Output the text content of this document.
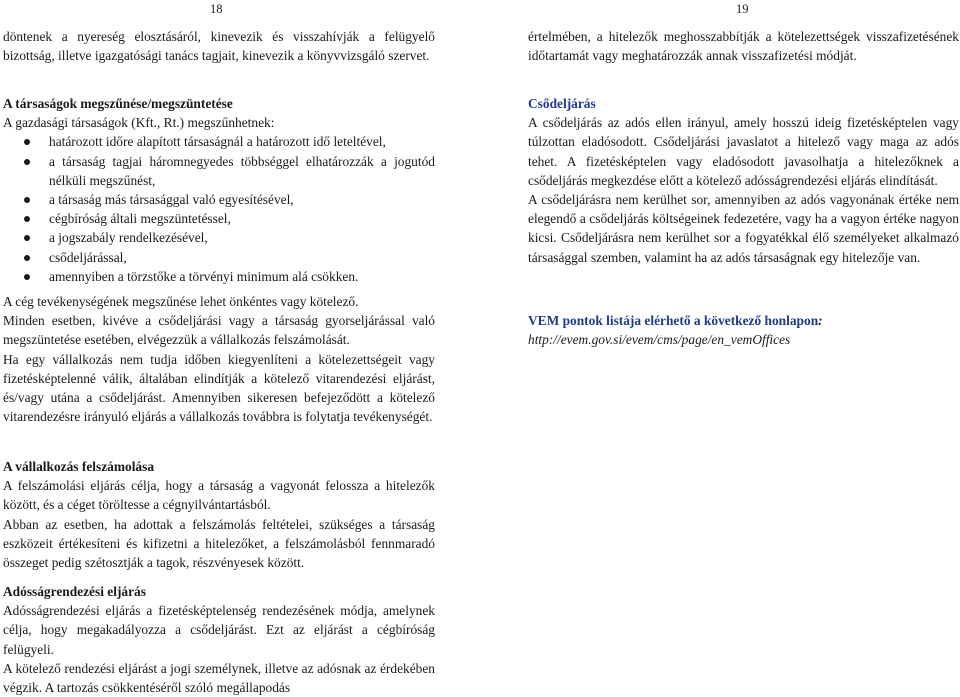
18	19

döntenek a nyereség elosztásáról, kinevezik és visszahívják a felügyelő bizottság, illetve igazgatósági tanács tagjait, kinevezik a könyvvizsgáló szervet.

A társaságok megszűnése/megszüntetése

A gazdasági társaságok (Kft., Rt.) megszűnhetnek:

határozott időre alapított társaságnál a határozott idő leteltével,
a társaság tagjai háromnegyedes többséggel elhatározzák a jogutód nélküli megszűnést,
a társaság más társasággal való egyesítésével,
cégbíróság általi megszüntetéssel,
a jogszabály rendelkezésével,
csődeljárással,
amennyiben a törzstőke a törvényi minimum alá csökken.

A cég tevékenységének megszűnése lehet önkéntes vagy kötelező.

Minden esetben, kivéve a csődeljárási vagy a társaság gyorseljárással való megszüntetése esetében, elvégezzük a vállalkozás felszámolását.

Ha egy vállalkozás nem tudja időben kiegyenlíteni a kötelezettségeit vagy fizetésképtelenné válik, általában elindítják a kötelező vitarendezési eljárást, és/vagy utána a csődeljárást. Amennyiben sikeresen befejeződött a kötelező vitarendezésre irányuló eljárás a vállalkozás továbbra is folytatja tevékenységét.

A vállalkozás felszámolása

A felszámolási eljárás célja, hogy a társaság a vagyonát felossza a hitelezők között, és a céget töröltesse a cégnyilvántartásból.

Abban az esetben, ha adottak a felszámolás feltételei, szükséges a társaság eszközeit értékesíteni és kifizetni a hitelezőket, a felszámolásból fennmaradó összeget pedig szétosztják a tagok, részvényesek között.

Adósságrendezési eljárás

Adósságrendezési eljárás a fizetésképtelenség rendezésének módja, amelynek célja, hogy megakadályozza a csődeljárást. Ezt az eljárást a cégbíróság felügyeli.

A kötelező rendezési eljárást a jogi személynek, illetve az adósnak az érdekében végzik. A tartozás csökkentéséről szóló megállapodás

értelmében, a hitelezők meghosszabbítják a kötelezettségek visszafizetésének időtartamát vagy meghatározzák annak visszafizetési módját.

Csődeljárás

A csődeljárás az adós ellen irányul, amely hosszú ideig fizetésképtelen vagy túlzottan eladósodott. Csődeljárási javaslatot a hitelező vagy maga az adós tehet. A fizetésképtelen vagy eladósodott javasolhatja a hitelezőknek a csődeljárás megkezdése előtt a kötelező adósságrendezési eljárás elindítását.

A csődeljárásra nem kerülhet sor, amennyiben az adós vagyonának értéke nem elegendő a csődeljárás költségeinek fedezetére, vagy ha a vagyon értéke nagyon kicsi. Csődeljárásra nem kerülhet sor a fogyatékkal élő személyeket alkalmazó társasággal szemben, valamint ha az adós társaságnak egy hitelezője van.

VEM pontok listája elérhető a következő honlapon:

http://evem.gov.si/evem/cms/page/en_vemOffices
